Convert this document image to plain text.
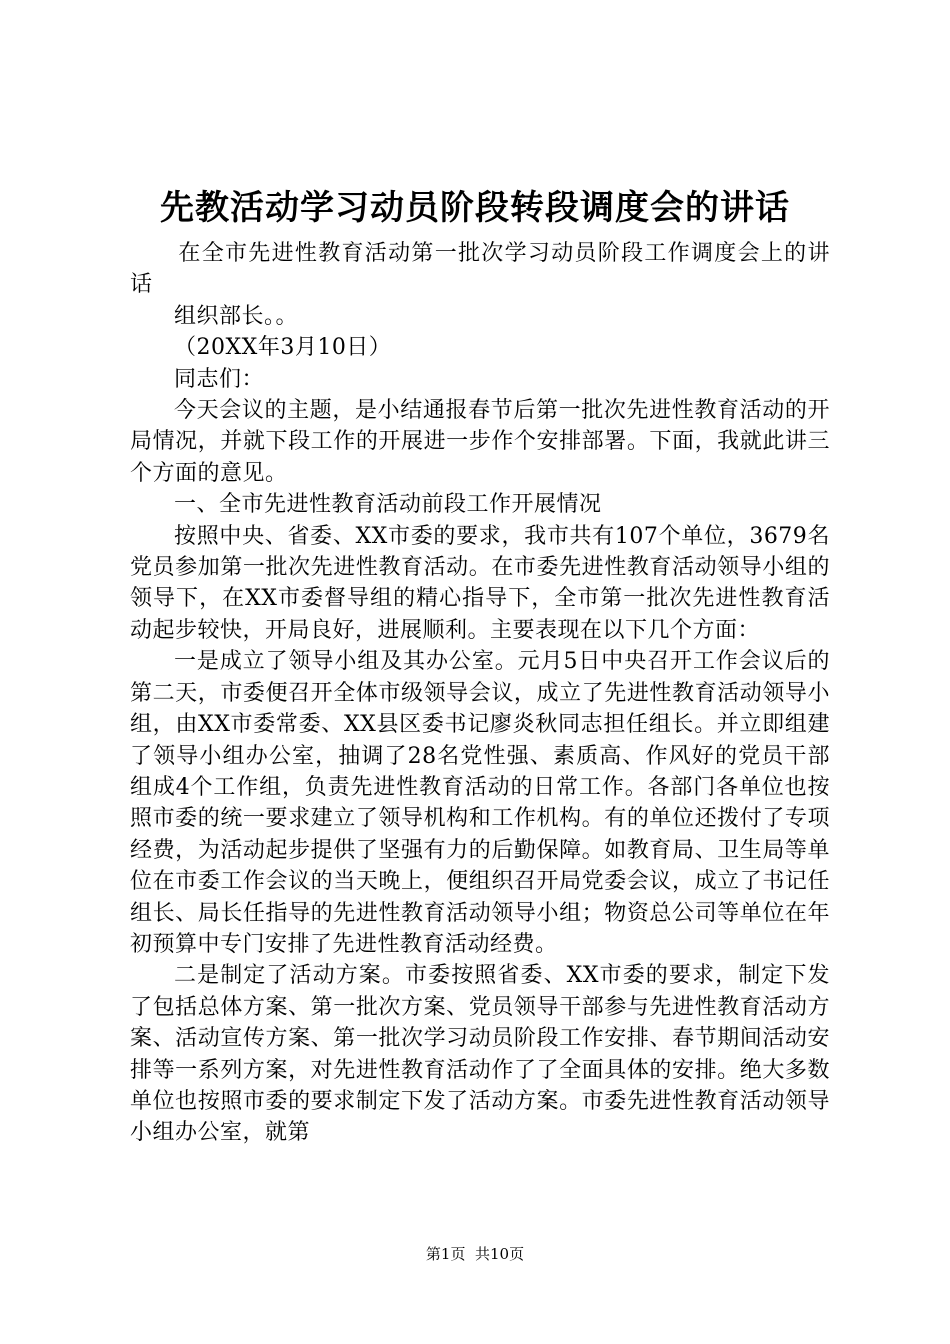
先教活动学习动员阶段转段调度会的讲话

在全市先进性教育活动第一批次学习动员阶段工作调度会上的讲话

组织部长。。

（20XX年3月10日）

同志们：

今天会议的主题，是小结通报春节后第一批次先进性教育活动的开局情况，并就下段工作的开展进一步作个安排部署。下面，我就此讲三个方面的意见。

一、全市先进性教育活动前段工作开展情况

按照中央、省委、XX市委的要求，我市共有107个单位，3679名党员参加第一批次先进性教育活动。在市委先进性教育活动领导小组的领导下，在XX市委督导组的精心指导下，全市第一批次先进性教育活动起步较快，开局良好，进展顺利。主要表现在以下几个方面：

一是成立了领导小组及其办公室。元月5日中央召开工作会议后的第二天，市委便召开全体市级领导会议，成立了先进性教育活动领导小组，由XX市委常委、XX县区委书记廖炎秋同志担任组长。并立即组建了领导小组办公室，抽调了28名党性强、素质高、作风好的党员干部组成4个工作组，负责先进性教育活动的日常工作。各部门各单位也按照市委的统一要求建立了领导机构和工作机构。有的单位还拨付了专项经费，为活动起步提供了坚强有力的后勤保障。如教育局、卫生局等单位在市委工作会议的当天晚上，便组织召开局党委会议，成立了书记任组长、局长任指导的先进性教育活动领导小组；物资总公司等单位在年初预算中专门安排了先进性教育活动经费。

二是制定了活动方案。市委按照省委、XX市委的要求，制定下发了包括总体方案、第一批次方案、党员领导干部参与先进性教育活动方案、活动宣传方案、第一批次学习动员阶段工作安排、春节期间活动安排等一系列方案，对先进性教育活动作了了全面具体的安排。绝大多数单位也按照市委的要求制定下发了活动方案。市委先进性教育活动领导小组办公室，就第

第1页 共10页
